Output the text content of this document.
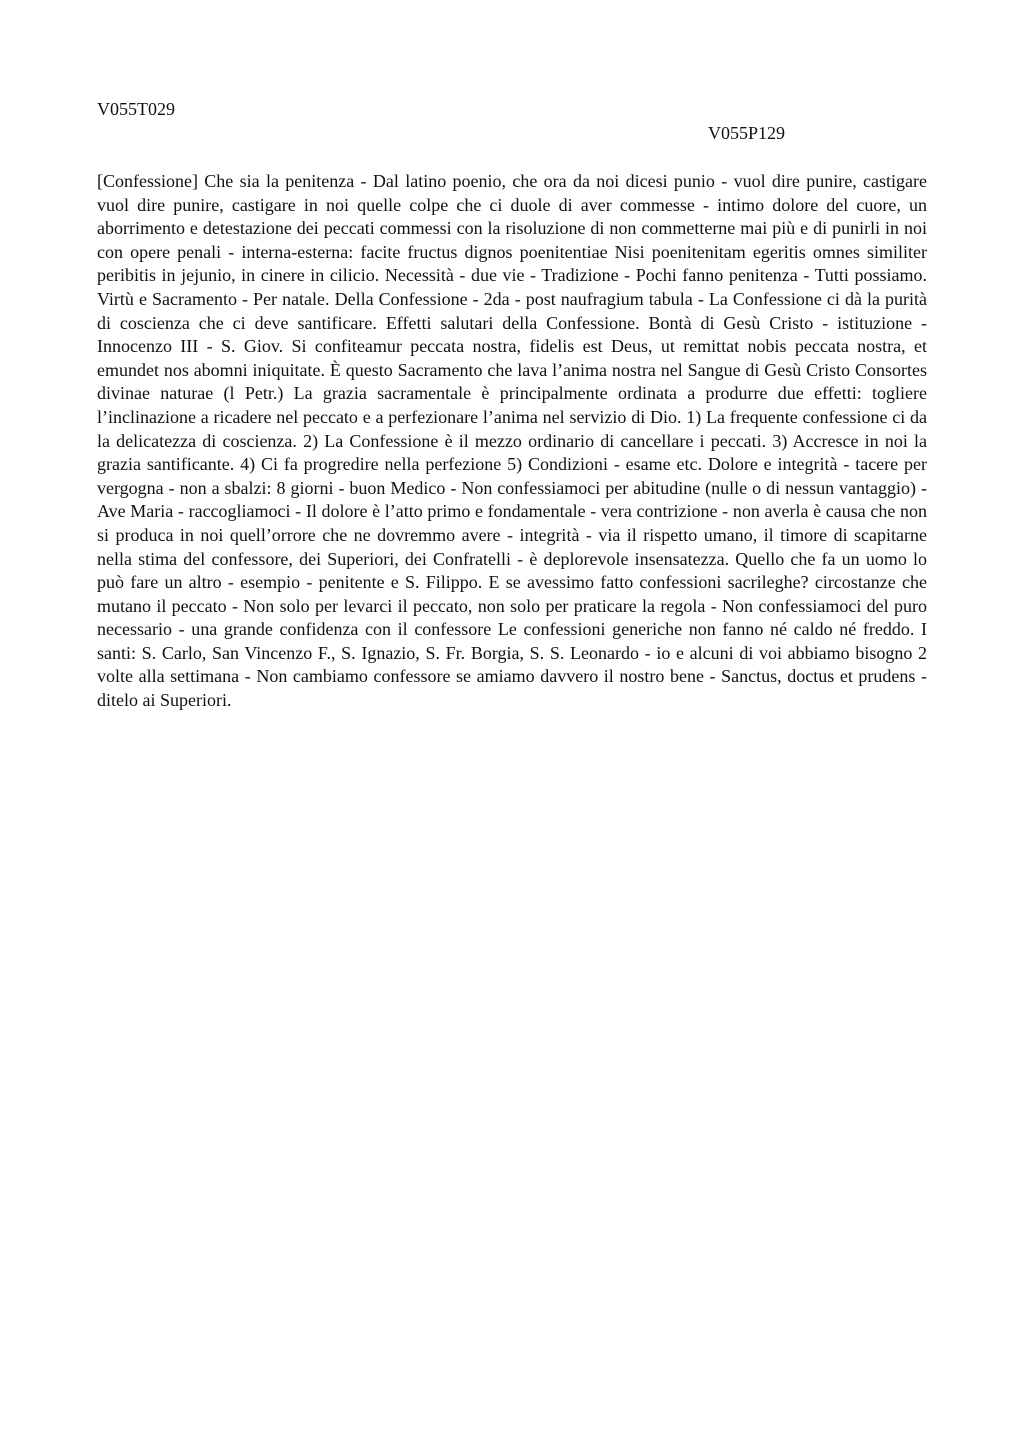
V055T029
V055P129

[Confessione] Che sia la penitenza - Dal latino poenio, che ora da noi dicesi punio - vuol dire punire, castigare vuol dire punire, castigare in noi quelle colpe che ci duole di aver commesse - intimo dolore del cuore, un aborrimento e detestazione dei peccati commessi con la risoluzione di non commetterne mai più e di punirli in noi con opere penali - interna-esterna: facite fructus dignos poenitentiae Nisi poenitenitam egeritis omnes similiter peribitis in jejunio, in cinere in cilicio. Necessità - due vie - Tradizione - Pochi fanno penitenza - Tutti possiamo. Virtù e Sacramento - Per natale. Della Confessione - 2da - post naufragium tabula - La Confessione ci dà la purità di coscienza che ci deve santificare. Effetti salutari della Confessione. Bontà di Gesù Cristo - istituzione - Innocenzo III - S. Giov. Si confiteamur peccata nostra, fidelis est Deus, ut remittat nobis peccata nostra, et emundet nos abomni iniquitate. È questo Sacramento che lava l’anima nostra nel Sangue di Gesù Cristo Consortes divinae naturae (l Petr.) La grazia sacramentale è principalmente ordinata a produrre due effetti: togliere l’inclinazione a ricadere nel peccato e a perfezionare l’anima nel servizio di Dio. 1) La frequente confessione ci da la delicatezza di coscienza. 2) La Confessione è il mezzo ordinario di cancellare i peccati. 3) Accresce in noi la grazia santificante. 4) Ci fa progredire nella perfezione 5) Condizioni - esame etc. Dolore e integrità - tacere per vergogna - non a sbalzi: 8 giorni - buon Medico - Non confessiamoci per abitudine (nulle o di nessun vantaggio) - Ave Maria - raccogliamoci - Il dolore è l’atto primo e fondamentale - vera contrizione - non averla è causa che non si produca in noi quell’orrore che ne dovremmo avere - integrità - via il rispetto umano, il timore di scapitarne nella stima del confessore, dei Superiori, dei Confratelli - è deplorevole insensatezza. Quello che fa un uomo lo può fare un altro - esempio - penitente e S. Filippo. E se avessimo fatto confessioni sacrileghe? circostanze che mutano il peccato - Non solo per levarci il peccato, non solo per praticare la regola - Non confessiamoci del puro necessario - una grande confidenza con il confessore Le confessioni generiche non fanno né caldo né freddo. I santi: S. Carlo, San Vincenzo F., S. Ignazio, S. Fr. Borgia, S. S. Leonardo - io e alcuni di voi abbiamo bisogno 2 volte alla settimana - Non cambiamo confessore se amiamo davvero il nostro bene - Sanctus, doctus et prudens - ditelo ai Superiori.
